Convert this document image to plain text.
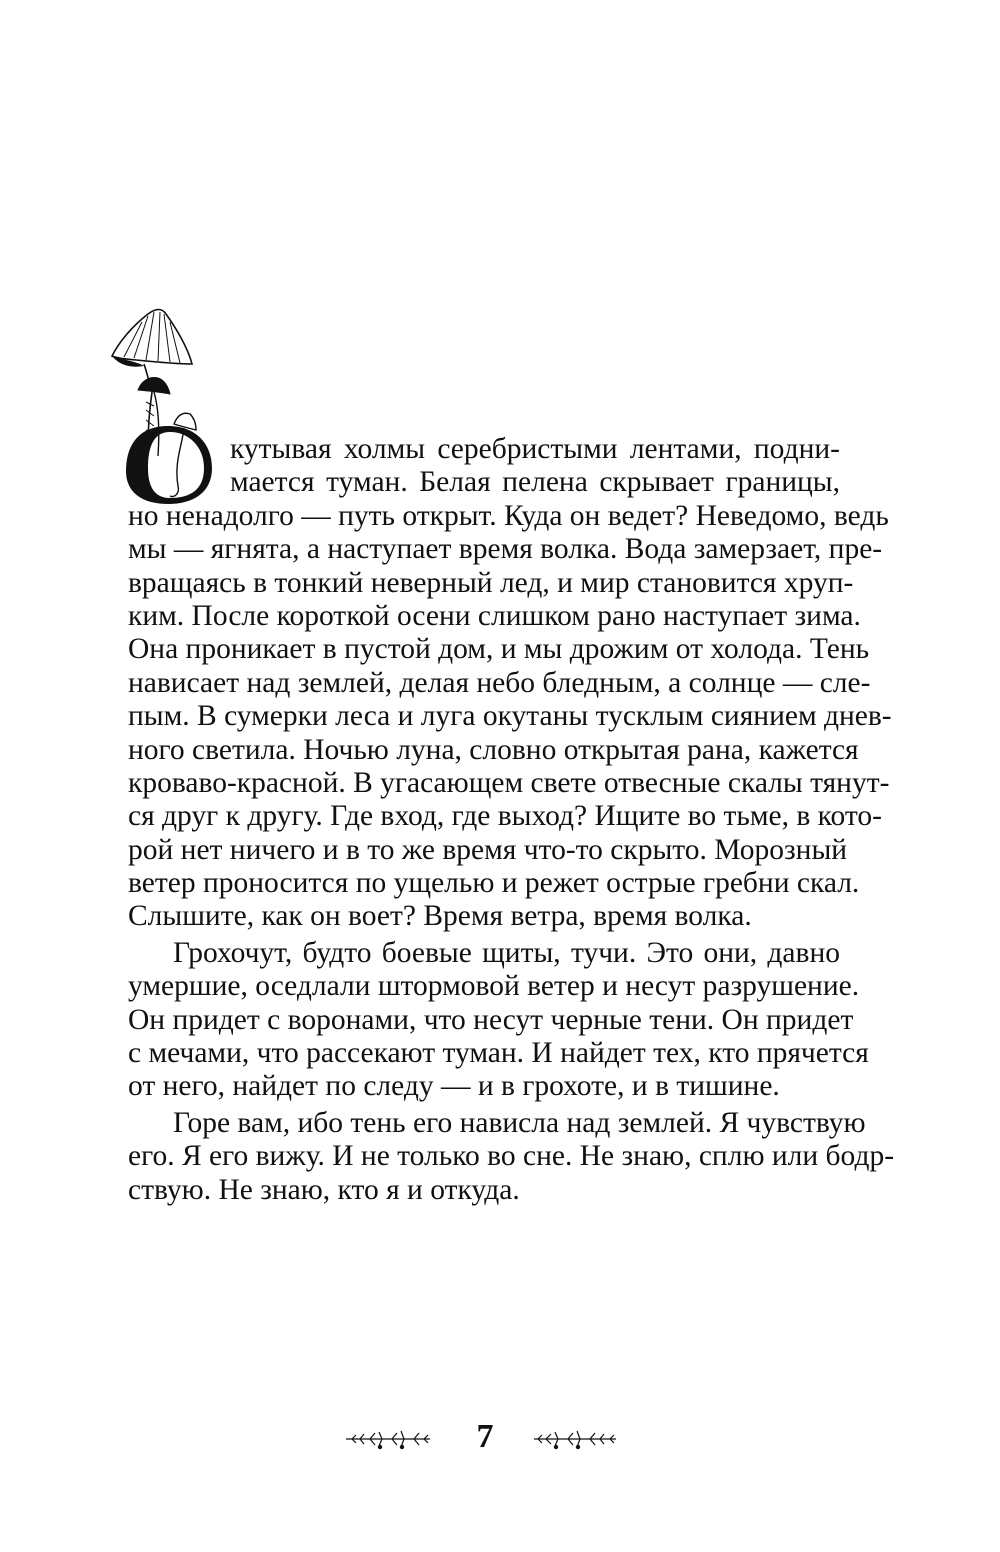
кутывая холмы серебристыми лентами, подни-
мается туман. Белая пелена скрывает границы,
но ненадолго — путь открыт. Куда он ведет? Неведомо, ведь
мы — ягнята, а наступает время волка. Вода замерзает, пре-
вращаясь в тонкий неверный лед, и мир становится хруп-
ким. После короткой осени слишком рано наступает зима.
Она проникает в пустой дом, и мы дрожим от холода. Тень
нависает над землей, делая небо бледным, а солнце — сле-
пым. В сумерки леса и луга окутаны тусклым сиянием днев-
ного светила. Ночью луна, словно открытая рана, кажется
кроваво-красной. В угасающем свете отвесные скалы тянут-
ся друг к другу. Где вход, где выход? Ищите во тьме, в кото-
рой нет ничего и в то же время что-то скрыто. Морозный
ветер проносится по ущелью и режет острые гребни скал.
Слышите, как он воет? Время ветра, время волка.
Грохочут, будто боевые щиты, тучи. Это они, давно
умершие, оседлали штормовой ветер и несут разрушение.
Он придет с воронами, что несут черные тени. Он придет
с мечами, что рассекают туман. И найдет тех, кто прячется
от него, найдет по следу — и в грохоте, и в тишине.
Горе вам, ибо тень его нависла над землей. Я чувствую
его. Я его вижу. И не только во сне. Не знаю, сплю или бодр-
ствую. Не знаю, кто я и откуда.
7
